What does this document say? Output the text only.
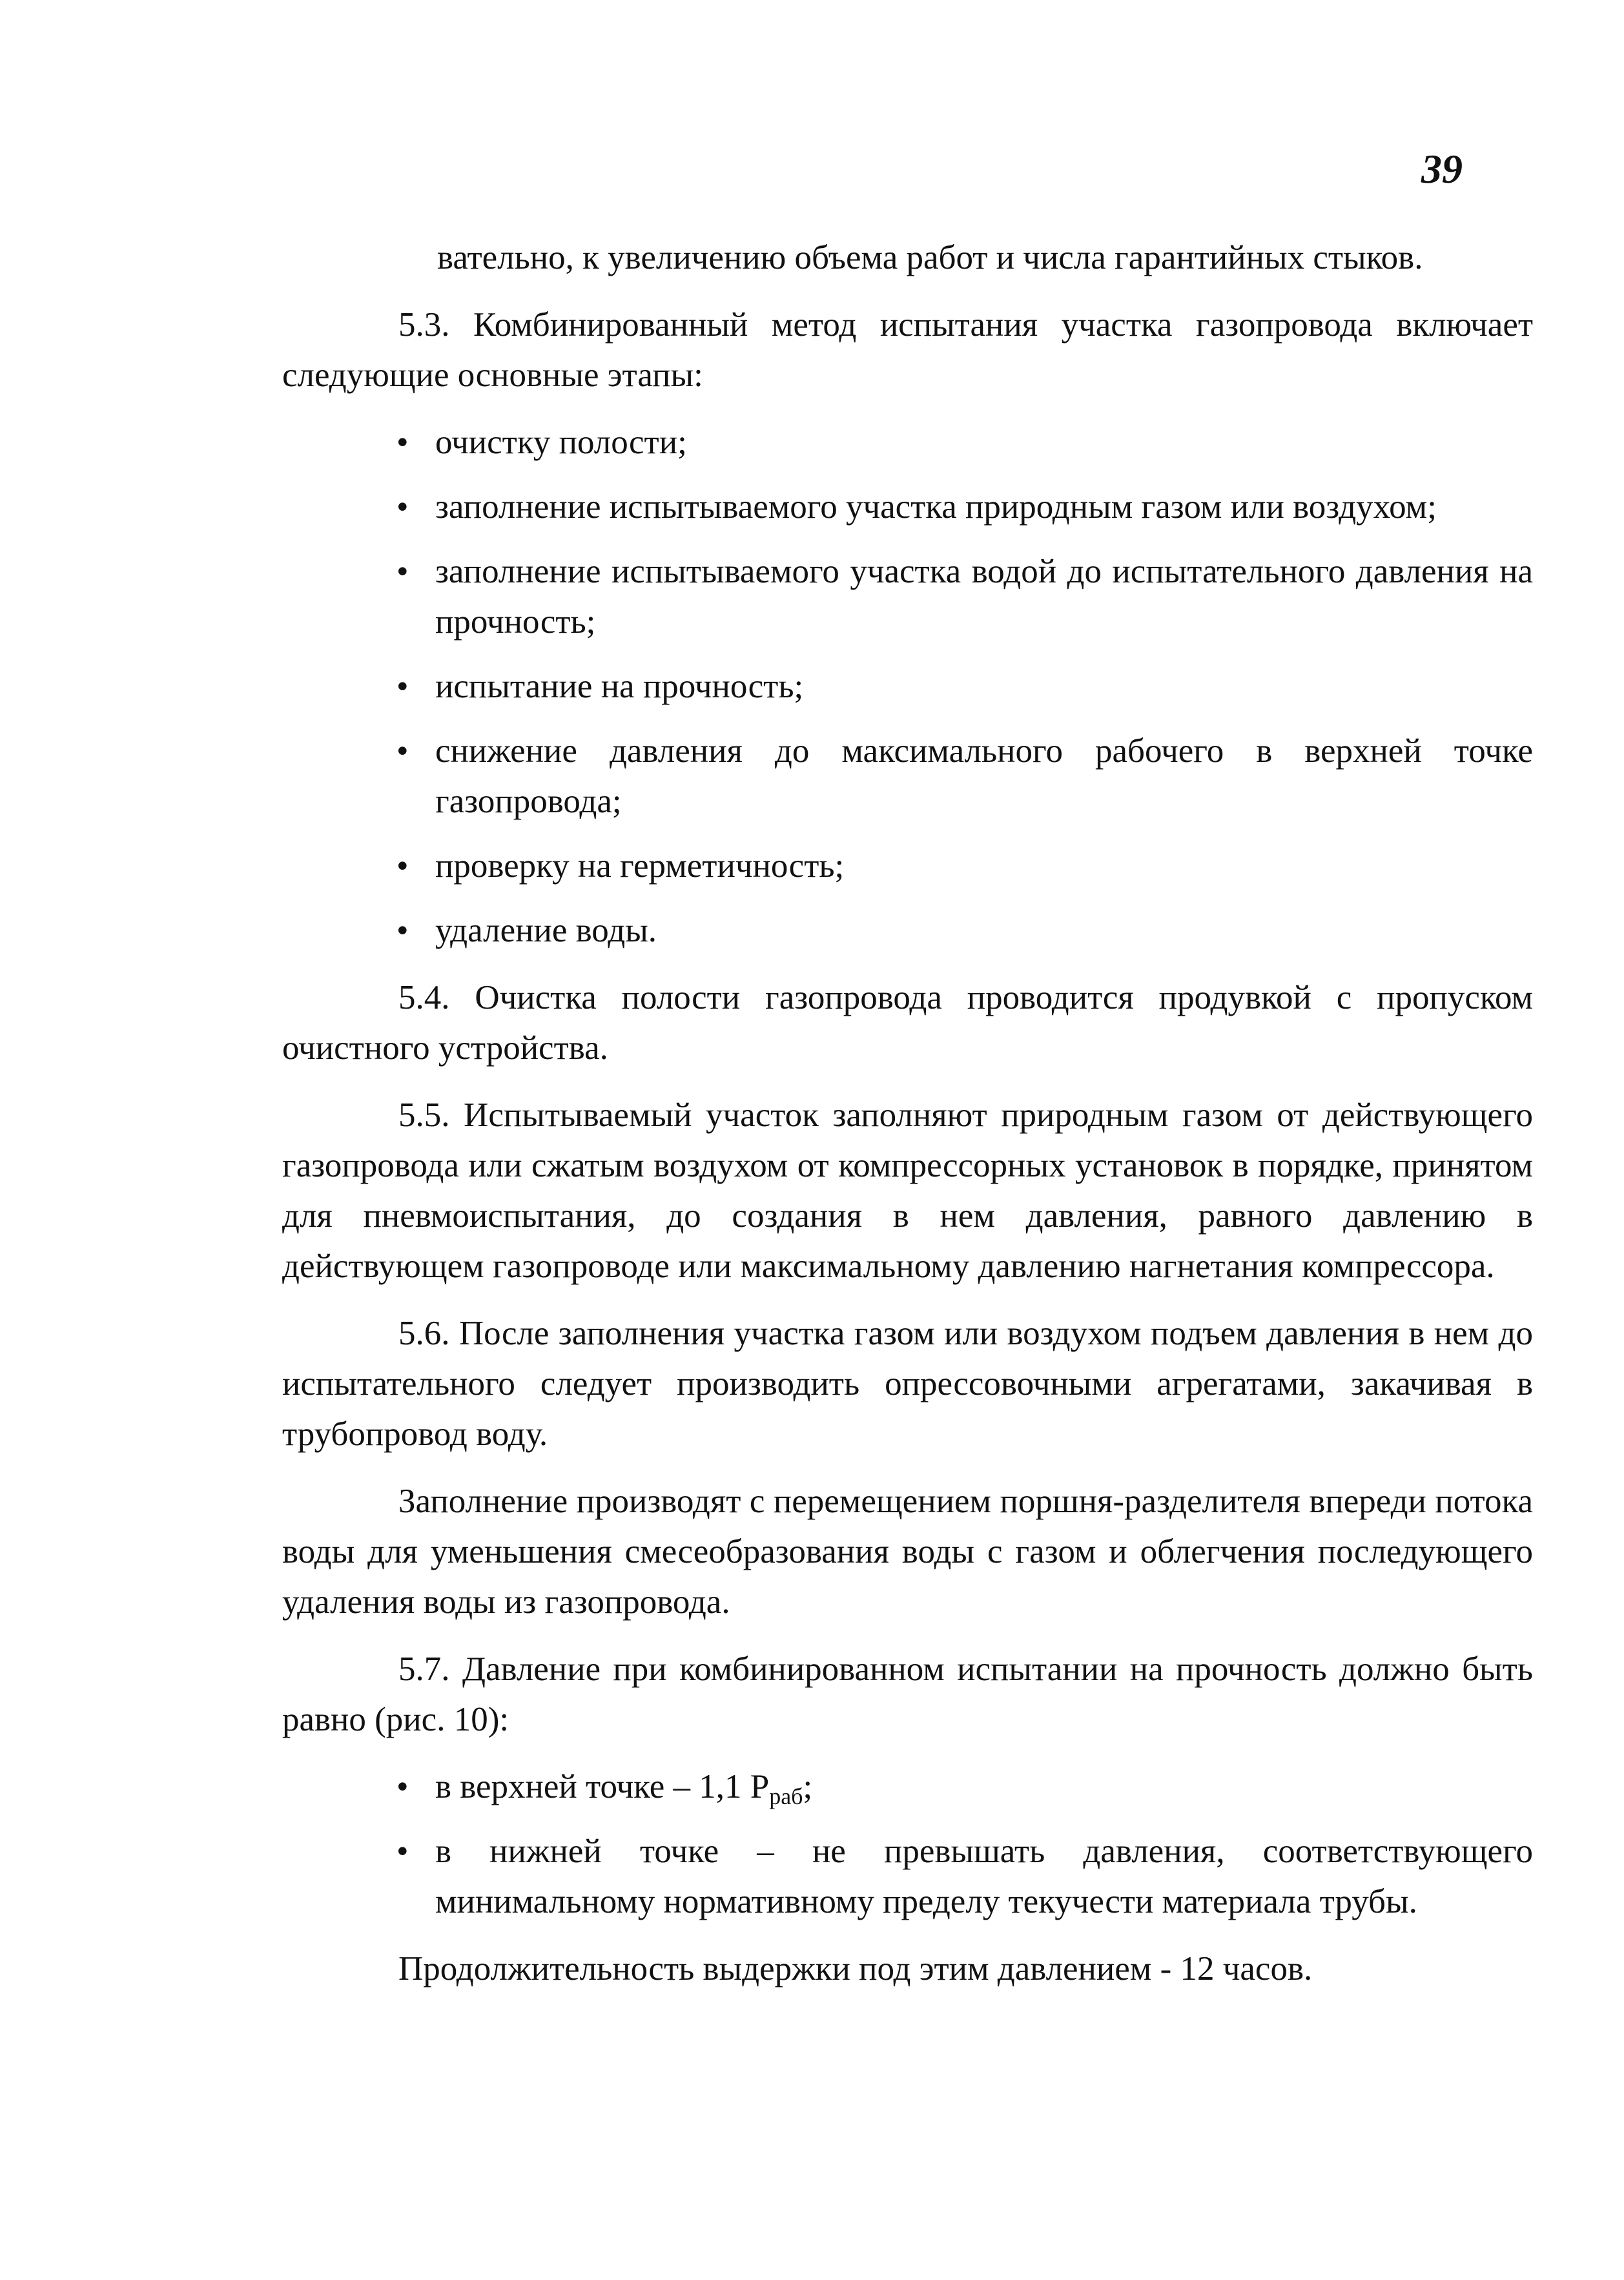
39

вательно, к увеличению объема работ и числа гарантийных стыков.

5.3. Комбинированный метод испытания участка газопровода включает следующие основные этапы:

• очистку полости;
• заполнение испытываемого участка природным газом или воздухом;
• заполнение испытываемого участка водой до испытательного давления на прочность;
• испытание на прочность;
• снижение давления до максимального рабочего в верхней точке газопровода;
• проверку на герметичность;
• удаление воды.

5.4. Очистка полости газопровода проводится продувкой с пропуском очистного устройства.

5.5. Испытываемый участок заполняют природным газом от действующего газопровода или сжатым воздухом от компрессорных установок в порядке, принятом для пневмоиспытания, до создания в нем давления, равного давлению в действующем газопроводе или максимальному давлению нагнетания компрессора.

5.6. После заполнения участка газом или воздухом подъем давления в нем до испытательного следует производить опрессовочными агрегатами, закачивая в трубопровод воду.

Заполнение производят с перемещением поршня-разделителя впереди потока воды для уменьшения смесеобразования воды с газом и облегчения последующего удаления воды из газопровода.

5.7. Давление при комбинированном испытании на прочность должно быть равно (рис. 10):

• в верхней точке – 1,1 $P_{раб}$;
• в нижней точке – не превышать давления, соответствующего минимальному нормативному пределу текучести материала трубы.

Продолжительность выдержки под этим давлением - 12 часов.
